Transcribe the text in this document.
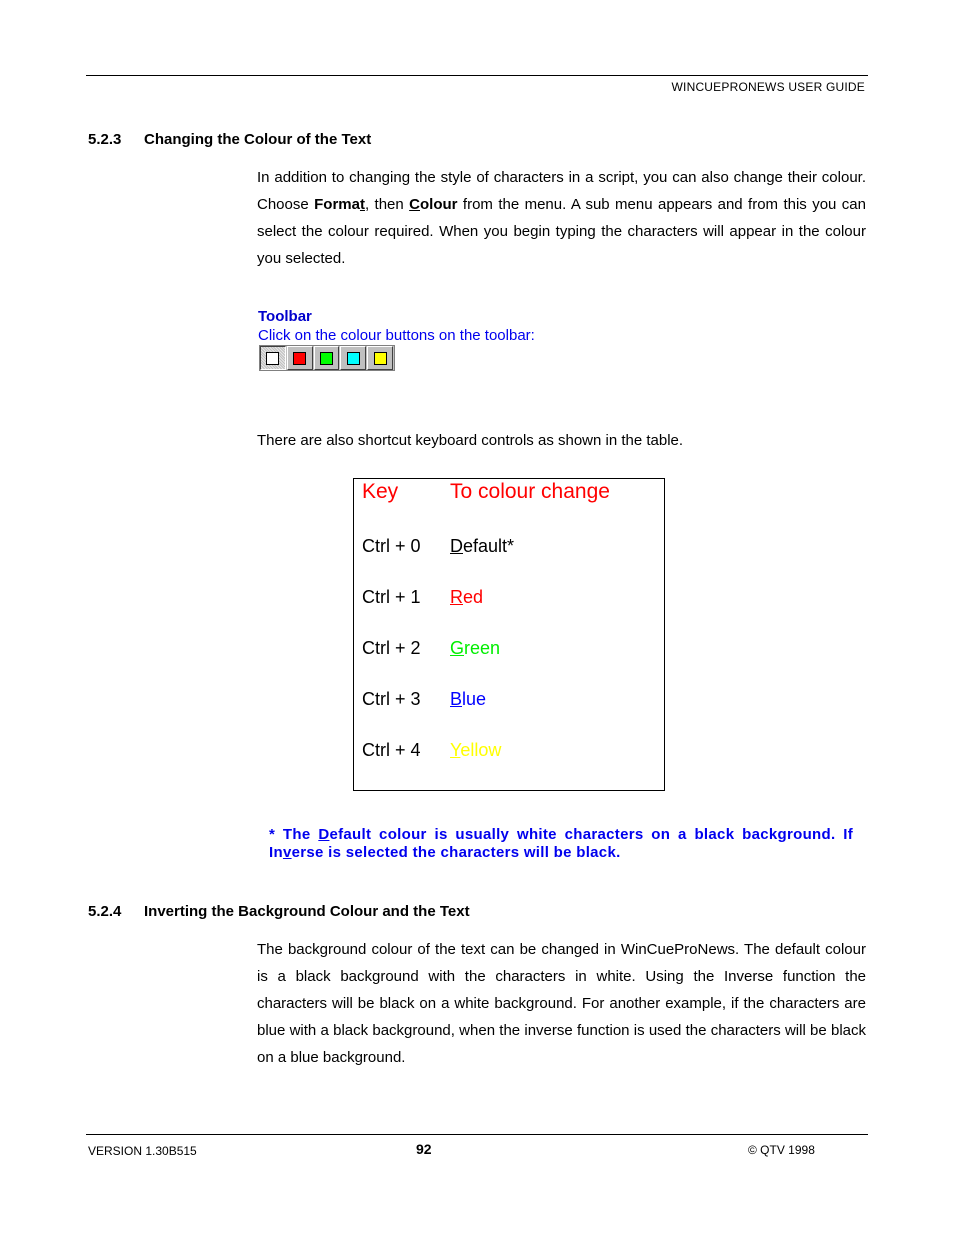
WINCUEPRONEWS USER GUIDE
5.2.3 Changing the Colour of the Text

In addition to changing the style of characters in a script, you can also change their colour. Choose Format, then Colour from the menu. A sub menu appears and from this you can select the colour required. When you begin typing the characters will appear in the colour you selected.

Toolbar
Click on the colour buttons on the toolbar:
There are also shortcut keyboard controls as shown in the table.
Key To colour change
Ctrl + 0 Default*
Ctrl + 1 Red
Ctrl + 2 Green
Ctrl + 3 Blue
Ctrl + 4 Yellow
* The Default colour is usually white characters on a black background. If Inverse is selected the characters will be black.
5.2.4 Inverting the Background Colour and the Text

The background colour of the text can be changed in WinCueProNews. The default colour is a black background with the characters in white. Using the Inverse function the characters will be black on a white background. For another example, if the characters are blue with a black background, when the inverse function is used the characters will be black on a blue background.

VERSION 1.30B515	92	© QTV 1998
